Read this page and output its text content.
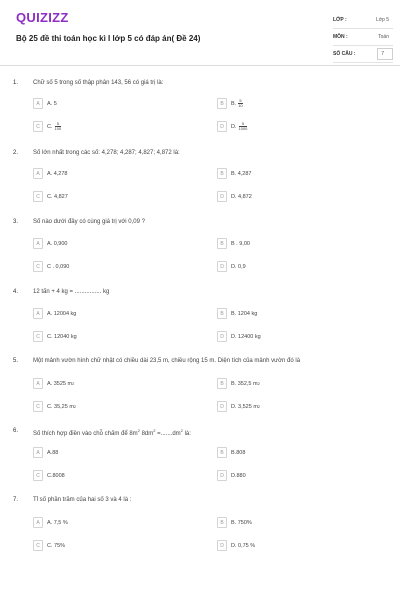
QUIZIZZ
Bộ 25 đề thi toán học kì I lớp 5 có đáp án( Đề 24)
LỚP :	Lớp 5
MÔN :	Toán
SỐ CÂU :	7
1. Chữ số 5 trong số thập phân 143, 56 có giá trị là:
A	A. 5	B	B. $\frac{5}{10}$
C	C. $\frac{5}{100}$	D	D. $\frac{5}{1000}$
2. Số lớn nhất trong các số: 4,278; 4,287; 4,827; 4,872 là:
A	A. 4,278	B	B. 4,287
C	C. 4,827	D	D. 4,872
3. Số nào dưới đây có cùng giá trị với 0,09 ?
A	A. 0,900	B	B . 9,00
C	C . 0,090	D	D. 0,9
4. 12 tấn + 4 kg = ................ kg
A	A. 12004 kg	B	B. 1204 kg
C	C. 12040 kg	D	D. 12400 kg
5. Một mảnh vườn hình chữ nhật có chiều dài 23,5 m, chiều rộng 15 m. Diện tích của mảnh vườn đó là
A	A. 3525 m 2	B	B. 352,5 m 2
C	C. 35,25 m 2	D	D. 3,525 m 2
6. Số thích hợp điền vào chỗ chấm để $8m^2$ $8dm^2 =.......dm^2$ là:
A	A.88	B	B.808
C	C.8008	D	D.880
7. Tỉ số phần trăm của hai số 3 và 4 là :
A	A. 7,5 %	B	B. 750%
C	C. 75%	D	D. 0,75 %
